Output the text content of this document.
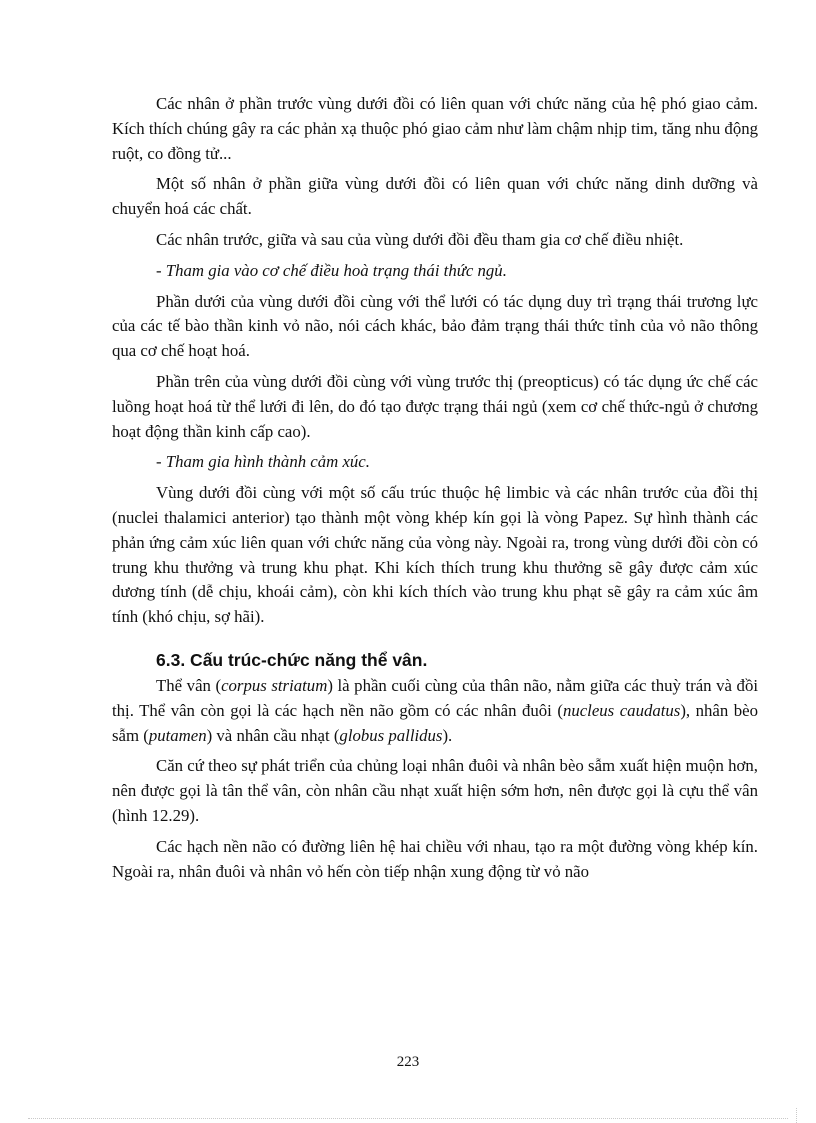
Các nhân ở phần trước vùng dưới đồi có liên quan với chức năng của hệ phó giao cảm. Kích thích chúng gây ra các phản xạ thuộc phó giao cảm như làm chậm nhịp tim, tăng nhu động ruột, co đồng tử...

Một số nhân ở phần giữa vùng dưới đồi có liên quan với chức năng dinh dưỡng và chuyển hoá các chất.

Các nhân trước, giữa và sau của vùng dưới đồi đều tham gia cơ chế điều nhiệt.

- Tham gia vào cơ chế điều hoà trạng thái thức ngủ.

Phần dưới của vùng dưới đồi cùng với thể lưới có tác dụng duy trì trạng thái trương lực của các tế bào thần kinh vỏ não, nói cách khác, bảo đảm trạng thái thức tỉnh của vỏ não thông qua cơ chế hoạt hoá.

Phần trên của vùng dưới đồi cùng với vùng trước thị (preopticus) có tác dụng ức chế các luồng hoạt hoá từ thể lưới đi lên, do đó tạo được trạng thái ngủ (xem cơ chế thức-ngủ ở chương hoạt động thần kinh cấp cao).

- Tham gia hình thành cảm xúc.

Vùng dưới đồi cùng với một số cấu trúc thuộc hệ limbic và các nhân trước của đồi thị (nuclei thalamici anterior) tạo thành một vòng khép kín gọi là vòng Papez. Sự hình thành các phản ứng cảm xúc liên quan với chức năng của vòng này. Ngoài ra, trong vùng dưới đồi còn có trung khu thưởng và trung khu phạt. Khi kích thích trung khu thưởng sẽ gây được cảm xúc dương tính (dễ chịu, khoái cảm), còn khi kích thích vào trung khu phạt sẽ gây ra cảm xúc âm tính (khó chịu, sợ hãi).

6.3. Cấu trúc-chức năng thể vân.

Thể vân (corpus striatum) là phần cuối cùng của thân não, nằm giữa các thuỳ trán và đồi thị. Thể vân còn gọi là các hạch nền não gồm có các nhân đuôi (nucleus caudatus), nhân bèo sẫm (putamen) và nhân cầu nhạt (globus pallidus).

Căn cứ theo sự phát triển của chủng loại nhân đuôi và nhân bèo sẫm xuất hiện muộn hơn, nên được gọi là tân thể vân, còn nhân cầu nhạt xuất hiện sớm hơn, nên được gọi là cựu thể vân (hình 12.29).

Các hạch nền não có đường liên hệ hai chiều với nhau, tạo ra một đường vòng khép kín. Ngoài ra, nhân đuôi và nhân vỏ hến còn tiếp nhận xung động từ vỏ não

223
